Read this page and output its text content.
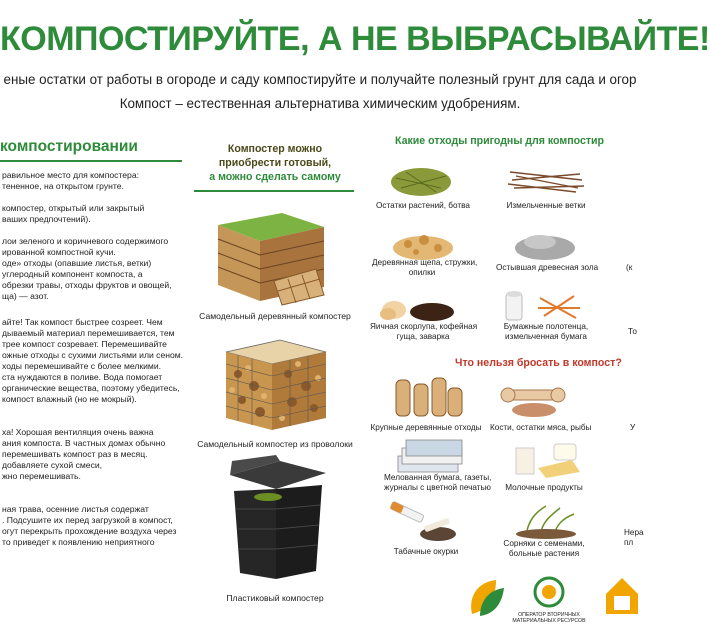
КОМПОСТИРУЙТЕ, А НЕ ВЫБРАСЫВАЙТЕ!
еные остатки от работы в огороде и саду компостируйте и получайте полезный грунт для сада и огор
Компост – естественная альтернатива химическим удобрениям.
компостировании
равильное место для компостера:
тененное, на открытом грунте.
компостер, открытый или закрытый
ваших предпочтений).
лои зеленого и коричневого содержимого
ированной компостной кучи.
оде» отходы (опавшие листья, ветки)
углеродный компонент компоста, а
обрезки травы, отходы фруктов и овощей,
ща) — азот.
айте! Так компост быстрее созреет. Чем
дываемый материал перемешивается, тем
трее компост созревает. Перемешивайте
ожные отходы с сухими листьями или сеном.
ходы перемешивайте с более мелкими.
ста нуждаются в поливе. Вода помогает
органические вещества, поэтому убедитесь,
компост влажный (но не мокрый).
ха! Хорошая вентиляция очень важна
ания компоста. В частных домах обычно
перемешивать компост раз в месяц.
добавляете сухой смеси,
жно перемешивать.
ная трава, осенние листья содержат
. Подсушите их перед загрузкой в компост,
огут перекрыть прохождение воздуха через
то приведет к появлению неприятного
Компостер можно
приобрести готовый,
а можно сделать самому
Самодельный деревянный компостер
Самодельный компостер из проволоки
Пластиковый компостер
Какие отходы пригодны для компостир
Остатки растений, ботва	Измельченные ветки
Деревянная щепа, стружки,
опилки
Остывшая древесная зола	(к
Яичная скорлупа, кофейная
гуща, заварка
Бумажные полотенца,
измельченная бумага
То
Что нельзя бросать в компост?
Крупные деревянные отходы	Кости, остатки мяса, рыбы	У
Мелованная бумага, газеты,
журналы с цветной печатью	Молочные продукты
Табачные окурки
Сорняки с семенами,
больные растения
Нера
пл
ОПЕРАТОР ВТОРИЧНЫХ
МАТЕРИАЛЬНЫХ РЕСУРСОВ
